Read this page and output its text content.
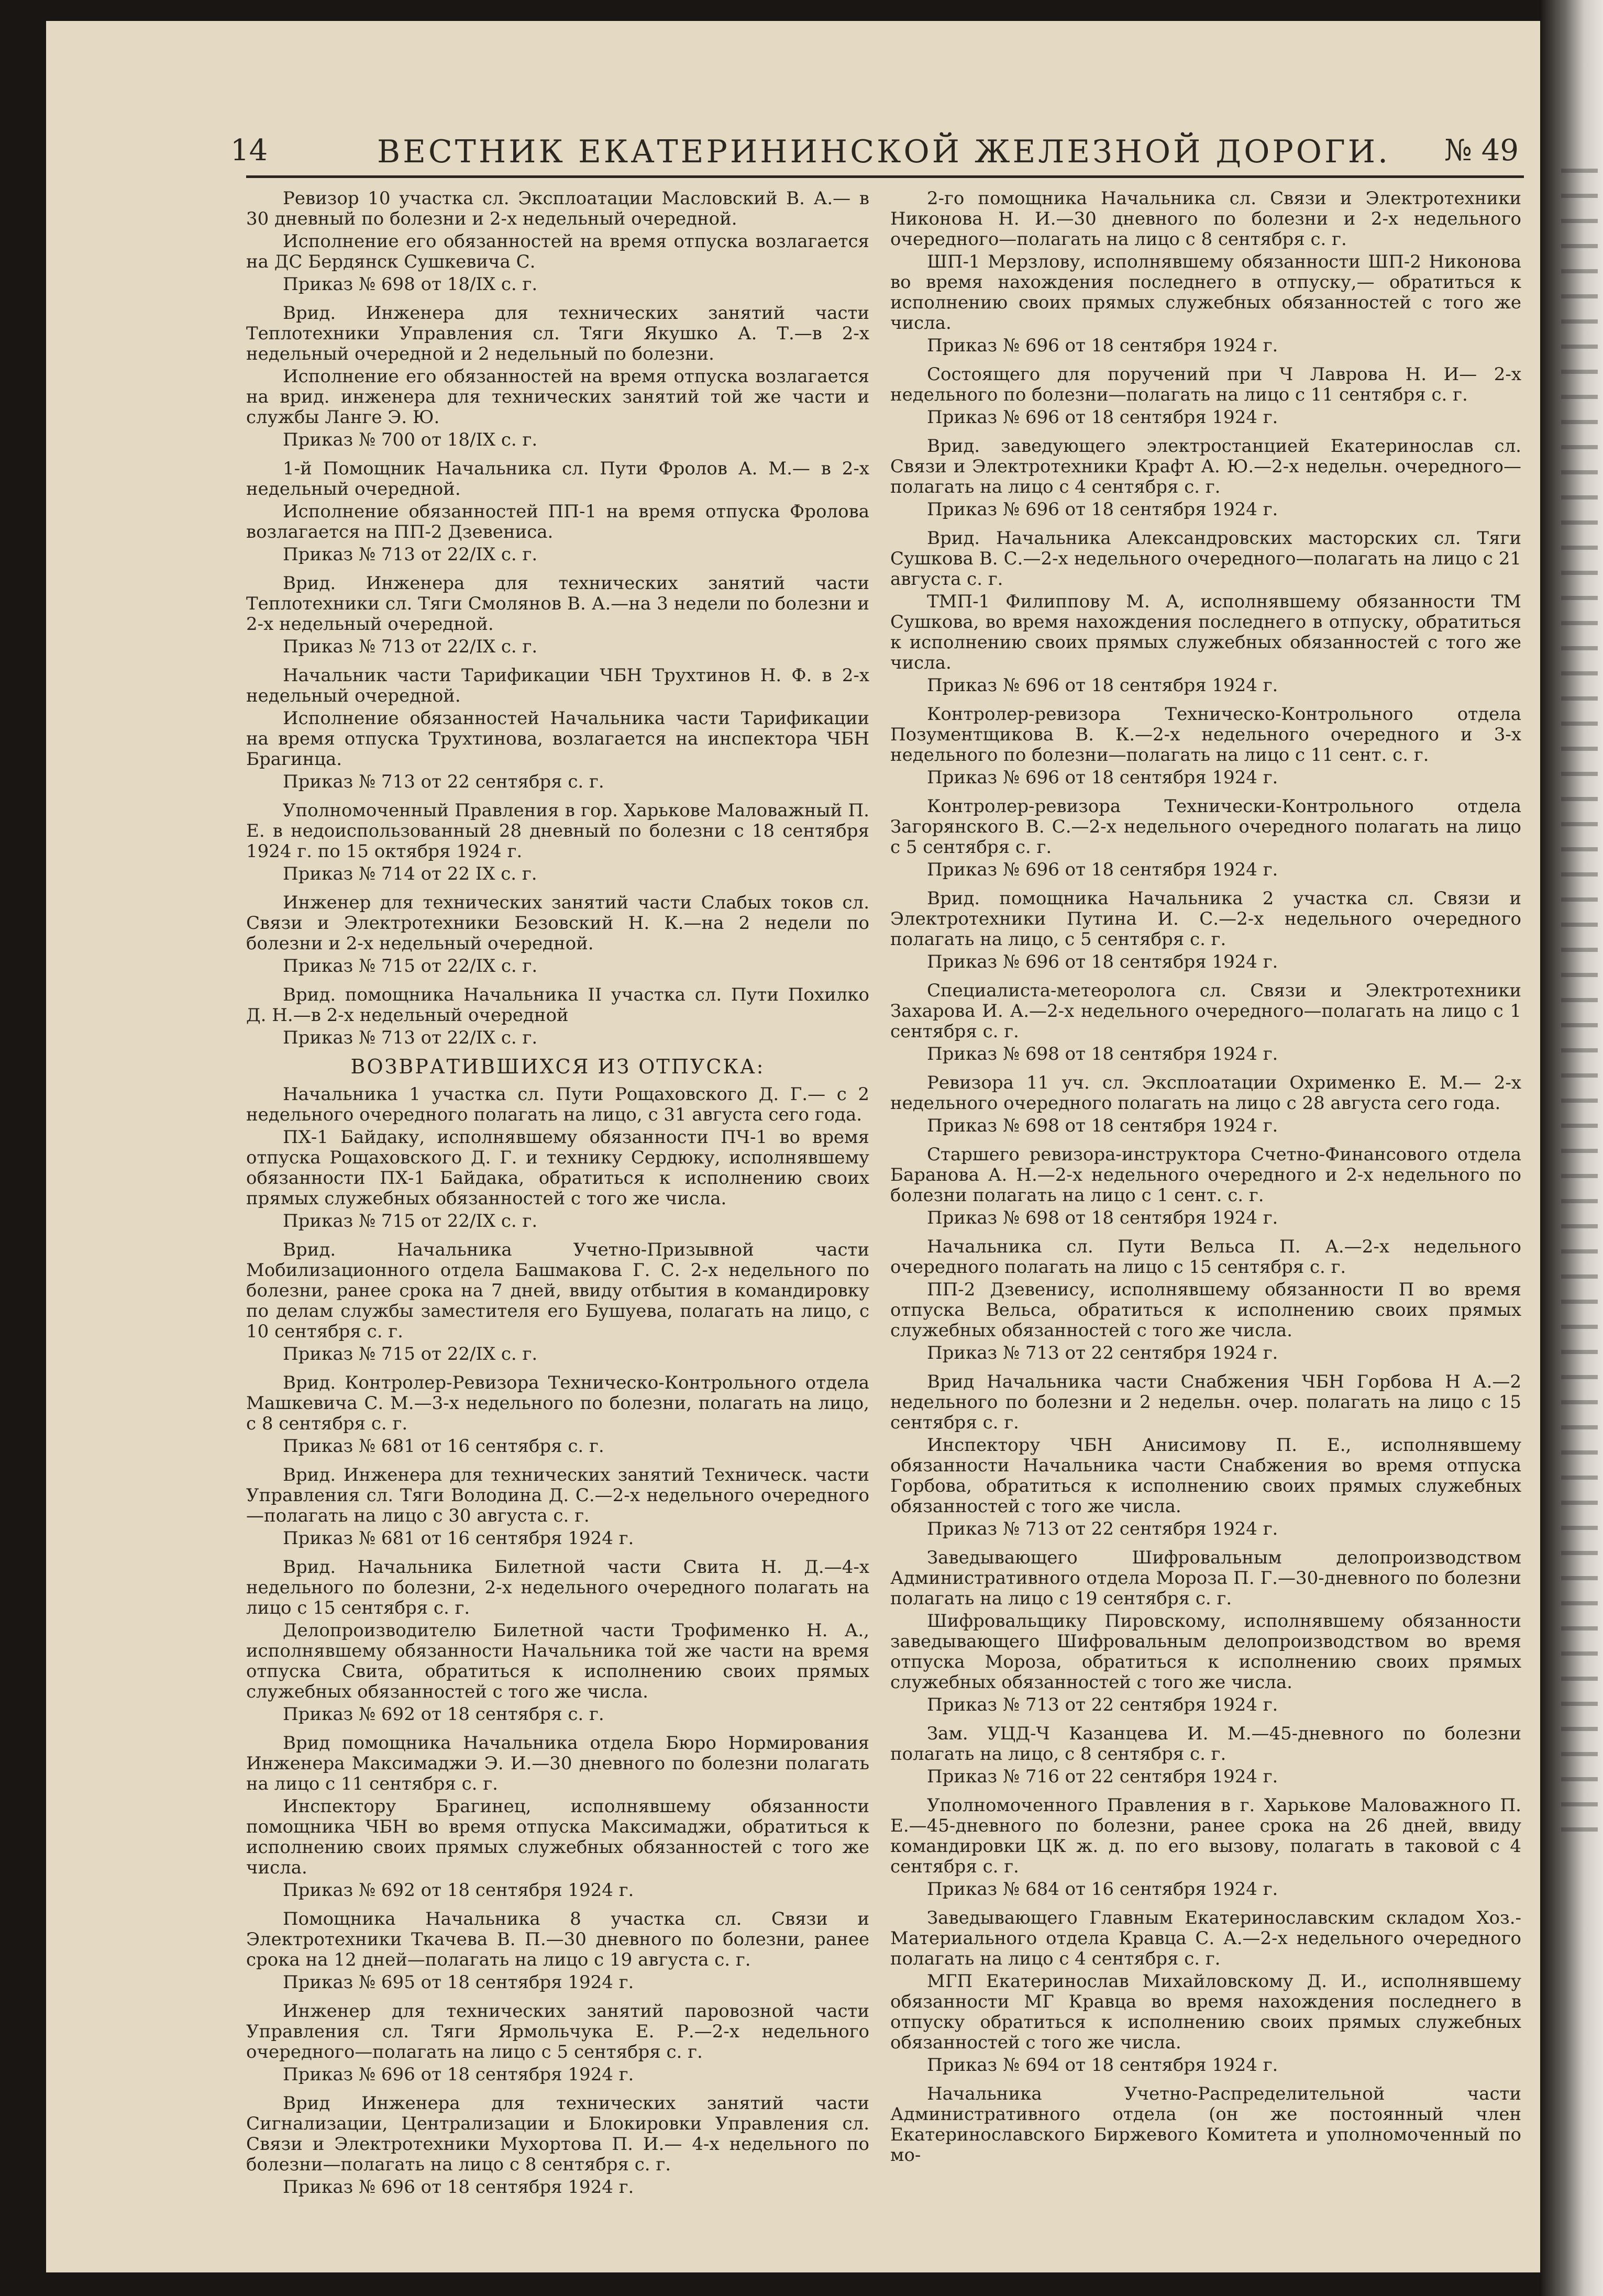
14	ВЕСТНИК ЕКАТЕРИНИНСКОЙ ЖЕЛЕЗНОЙ ДОРОГИ. № 49

Ревизор 10 участка сл. Эксплоатации Масловский В. А.— в 30 дневный по болезни и 2-х недельный очередной.

Исполнение его обязанностей на время отпуска возлагается на ДС Бердянск Сушкевича С.

Приказ № 698 от 18/IX с. г.

Врид. Инженера для технических занятий части Теплотехники Управления сл. Тяги Якушко А. Т.—в 2-х недельный очередной и 2 недельный по болезни.

Исполнение его обязанностей на время отпуска возлагается на врид. инженера для технических занятий той же части и службы Ланге Э. Ю.

Приказ № 700 от 18/IX с. г.

1-й Помощник Начальника сл. Пути Фролов А. М.— в 2-х недельный очередной.

Исполнение обязанностей ПП-1 на время отпуска Фролова возлагается на ПП-2 Дзевениса.

Приказ № 713 от 22/IX с. г.

Врид. Инженера для технических занятий части Теплотехники сл. Тяги Смолянов В. А.—на 3 недели по болезни и 2-х недельный очередной.

Приказ № 713 от 22/IX с. г.

Начальник части Тарификации ЧБН Трухтинов Н. Ф. в 2-х недельный очередной.

Исполнение обязанностей Начальника части Тарификации на время отпуска Трухтинова, возлагается на инспектора ЧБН Брагинца.

Приказ № 713 от 22 сентября с. г.

Уполномоченный Правления в гор. Харькове Маловажный П. Е. в недоиспользованный 28 дневный по болезни с 18 сентября 1924 г. по 15 октября 1924 г.

Приказ № 714 от 22 IX с. г.

Инженер для технических занятий части Слабых токов сл. Связи и Электротехники Безовский Н. К.—на 2 недели по болезни и 2-х недельный очередной.

Приказ № 715 от 22/IX с. г.

Врид. помощника Начальника II участка сл. Пути Похилко Д. Н.—в 2-х недельный очередной

Приказ № 713 от 22/IX с. г.

ВОЗВРАТИВШИХСЯ ИЗ ОТПУСКА:

Начальника 1 участка сл. Пути Рощаховского Д. Г.— с 2 недельного очередного полагать на лицо, с 31 августа сего года.

ПХ-1 Байдаку, исполнявшему обязанности ПЧ-1 во время отпуска Рощаховского Д. Г. и технику Сердюку, исполнявшему обязанности ПХ-1 Байдака, обратиться к исполнению своих прямых служебных обязанностей с того же числа.

Приказ № 715 от 22/IX с. г.

Врид. Начальника Учетно-Призывной части Мобилизационного отдела Башмакова Г. С. 2-х недельного по болезни, ранее срока на 7 дней, ввиду отбытия в командировку по делам службы заместителя его Бушуева, полагать на лицо, с 10 сентября с. г.

Приказ № 715 от 22/IX с. г.

Врид. Контролер-Ревизора Техническо-Контрольного отдела Машкевича С. М.—3-х недельного по болезни, полагать на лицо, с 8 сентября с. г.

Приказ № 681 от 16 сентября с. г.

Врид. Инженера для технических занятий Техническ. части Управления сл. Тяги Володина Д. С.—2-х недельного очередного—полагать на лицо с 30 августа с. г.

Приказ № 681 от 16 сентября 1924 г.

Врид. Начальника Билетной части Свита Н. Д.—4-х недельного по болезни, 2-х недельного очередного полагать на лицо с 15 сентября с. г.

Делопроизводителю Билетной части Трофименко Н. А., исполнявшему обязанности Начальника той же части на время отпуска Свита, обратиться к исполнению своих прямых служебных обязанностей с того же числа.

Приказ № 692 от 18 сентября с. г.

Врид помощника Начальника отдела Бюро Нормирования Инженера Максимаджи Э. И.—30 дневного по болезни полагать на лицо с 11 сентября с. г.

Инспектору Брагинец, исполнявшему обязанности помощника ЧБН во время отпуска Максимаджи, обратиться к исполнению своих прямых служебных обязанностей с того же числа.

Приказ № 692 от 18 сентября 1924 г.

Помощника Начальника 8 участка сл. Связи и Электротехники Ткачева В. П.—30 дневного по болезни, ранее срока на 12 дней—полагать на лицо с 19 августа с. г.

Приказ № 695 от 18 сентября 1924 г.

Инженер для технических занятий паровозной части Управления сл. Тяги Ярмольчука Е. Р.—2-х недельного очередного—полагать на лицо с 5 сентября с. г.

Приказ № 696 от 18 сентября 1924 г.

Врид Инженера для технических занятий части Сигнализации, Централизации и Блокировки Управления сл. Связи и Электротехники Мухортова П. И.— 4-х недельного по болезни—полагать на лицо с 8 сентября с. г.

Приказ № 696 от 18 сентября 1924 г.

2-го помощника Начальника сл. Связи и Электротехники Никонова Н. И.—30 дневного по болезни и 2-х недельного очередного—полагать на лицо с 8 сентября с. г.

ШП-1 Мерзлову, исполнявшему обязанности ШП-2 Никонова во время нахождения последнего в отпуску,— обратиться к исполнению своих прямых служебных обязанностей с того же числа.

Приказ № 696 от 18 сентября 1924 г.

Состоящего для поручений при Ч Лаврова Н. И— 2-х недельного по болезни—полагать на лицо с 11 сентября с. г.

Приказ № 696 от 18 сентября 1924 г.

Врид. заведующего электростанцией Екатеринослав сл. Связи и Электротехники Крафт А. Ю.—2-х недельн. очередного—полагать на лицо с 4 сентября с. г.

Приказ № 696 от 18 сентября 1924 г.

Врид. Начальника Александровских масторских сл. Тяги Сушкова В. С.—2-х недельного очередного—полагать на лицо с 21 августа с. г.

ТМП-1 Филиппову М. А, исполнявшему обязанности ТМ Сушкова, во время нахождения последнего в отпуску, обратиться к исполнению своих прямых служебных обязанностей с того же числа.

Приказ № 696 от 18 сентября 1924 г.

Контролер-ревизора Техническо-Контрольного отдела Позументщикова В. К.—2-х недельного очередного и 3-х недельного по болезни—полагать на лицо с 11 сент. с. г.

Приказ № 696 от 18 сентября 1924 г.

Контролер-ревизора Технически-Контрольного отдела Загорянского В. С.—2-х недельного очередного полагать на лицо с 5 сентября с. г.

Приказ № 696 от 18 сентября 1924 г.

Врид. помощника Начальника 2 участка сл. Связи и Электротехники Путина И. С.—2-х недельного очередного полагать на лицо, с 5 сентября с. г.

Приказ № 696 от 18 сентября 1924 г.

Специалиста-метеоролога сл. Связи и Электротехники Захарова И. А.—2-х недельного очередного—полагать на лицо с 1 сентября с. г.

Приказ № 698 от 18 сентября 1924 г.

Ревизора 11 уч. сл. Эксплоатации Охрименко Е. М.— 2-х недельного очередного полагать на лицо с 28 августа сего года.

Приказ № 698 от 18 сентября 1924 г.

Старшего ревизора-инструктора Счетно-Финансового отдела Баранова А. Н.—2-х недельного очередного и 2-х недельного по болезни полагать на лицо с 1 сент. с. г.

Приказ № 698 от 18 сентября 1924 г.

Начальника сл. Пути Вельса П. А.—2-х недельного очередного полагать на лицо с 15 сентября с. г.

ПП-2 Дзевенису, исполнявшему обязанности П во время отпуска Вельса, обратиться к исполнению своих прямых служебных обязанностей с того же числа.

Приказ № 713 от 22 сентября 1924 г.

Врид Начальника части Снабжения ЧБН Горбова Н А.—2 недельного по болезни и 2 недельн. очер. полагать на лицо с 15 сентября с. г.

Инспектору ЧБН Анисимову П. Е., исполнявшему обязанности Начальника части Снабжения во время отпуска Горбова, обратиться к исполнению своих прямых служебных обязанностей с того же числа.

Приказ № 713 от 22 сентября 1924 г.

Заведывающего Шифровальным делопроизводством Административного отдела Мороза П. Г.—30-дневного по болезни полагать на лицо с 19 сентября с. г.

Шифровальщику Пировскому, исполнявшему обязанности заведывающего Шифровальным делопроизводством во время отпуска Мороза, обратиться к исполнению своих прямых служебных обязанностей с того же числа.

Приказ № 713 от 22 сентября 1924 г.

Зам. УЦД-Ч Казанцева И. М.—45-дневного по болезни полагать на лицо, с 8 сентября с. г.

Приказ № 716 от 22 сентября 1924 г.

Уполномоченного Правления в г. Харькове Маловажного П. Е.—45-дневного по болезни, ранее срока на 26 дней, ввиду командировки ЦК ж. д. по его вызову, полагать в таковой с 4 сентября с. г.

Приказ № 684 от 16 сентября 1924 г.

Заведывающего Главным Екатеринославским складом Хоз.-Материального отдела Кравца С. А.—2-х недельного очередного полагать на лицо с 4 сентября с. г.

МГП Екатеринослав Михайловскому Д. И., исполнявшему обязанности МГ Кравца во время нахождения последнего в отпуску обратиться к исполнению своих прямых служебных обязанностей с того же числа.

Приказ № 694 от 18 сентября 1924 г.

Начальника Учетно-Распределительной части Административного отдела (он же постоянный член Екатеринославского Биржевого Комитета и уполномоченный по мо-
